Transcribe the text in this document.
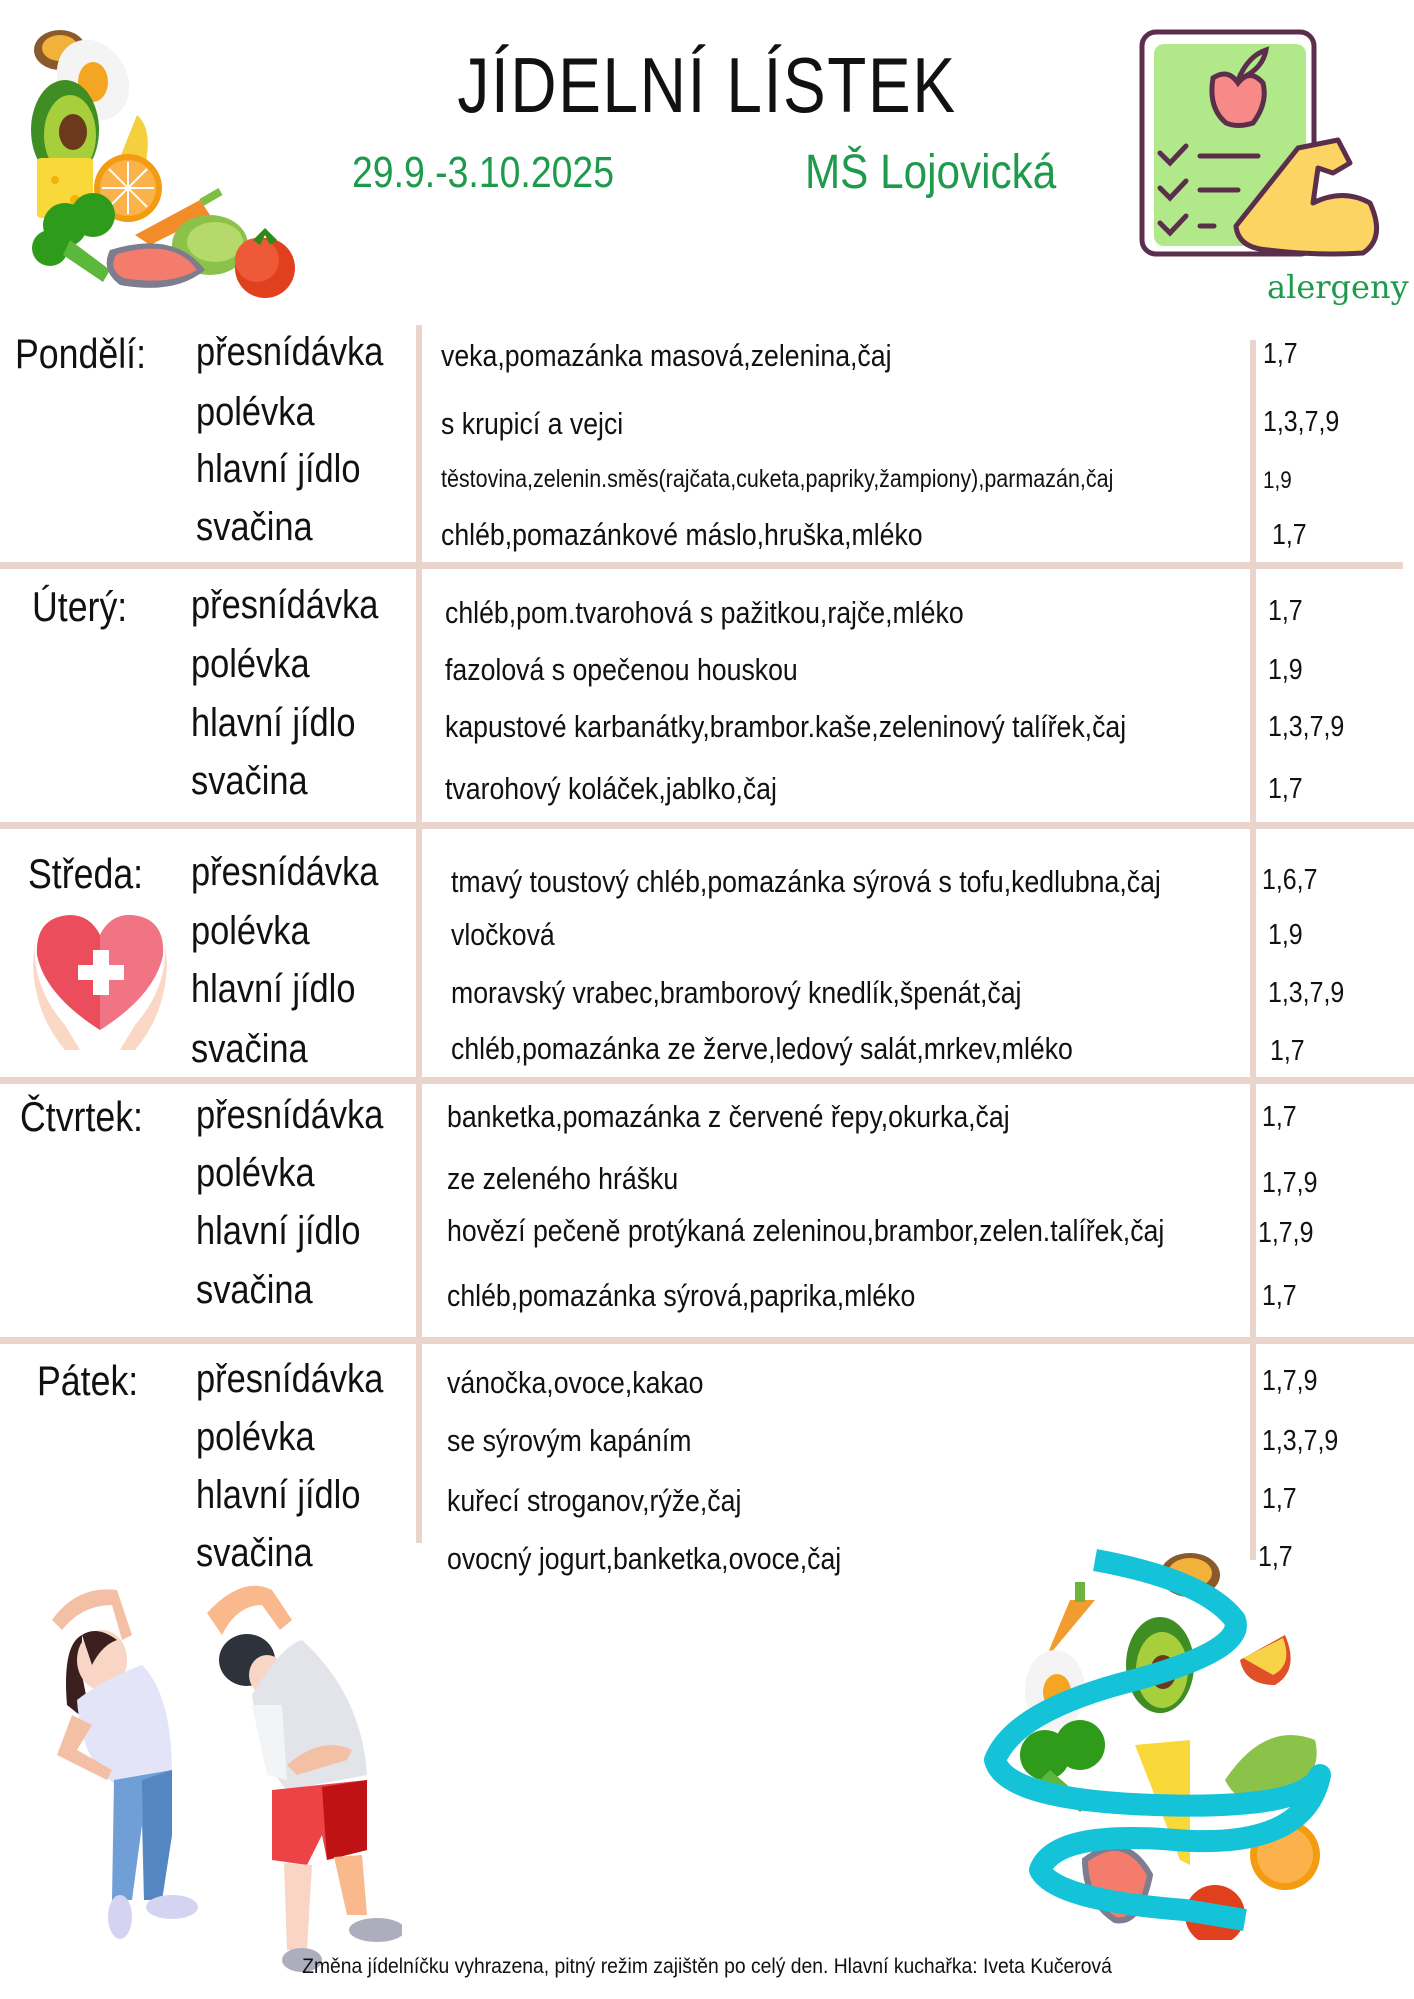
JÍDELNÍ LÍSTEK
29.9.-3.10.2025	MŠ Lojovická
alergeny
Pondělí: přesnídávka veka,pomazánka masová,zelenina,čaj	1,7
polévka	s krupicí a vejci	1,3,7,9
hlavní jídlo	těstovina,zelenin.směs(rajčata,cuketa,papriky,žampiony),parmazán,čaj	1,9
svačina	chléb,pomazánkové máslo,hruška,mléko	1,7
Úterý: přesnídávka chléb,pom.tvarohová s pažitkou,rajče,mléko	1,7
polévka	fazolová s opečenou houskou	1,9
hlavní jídlo	kapustové karbanátky,brambor.kaše,zeleninový talířek,čaj	1,3,7,9
svačina	tvarohový koláček,jablko,čaj	1,7
Středa: přesnídávka tmavý toustový chléb,pomazánka sýrová s tofu,kedlubna,čaj	1,6,7
polévka	vločková	1,9
hlavní jídlo	moravský vrabec,bramborový knedlík,špenát,čaj	1,3,7,9
svačina	chléb,pomazánka ze žerve,ledový salát,mrkev,mléko	1,7
Čtvrtek: přesnídávka banketka,pomazánka z červené řepy,okurka,čaj	1,7
polévka	ze zeleného hrášku	1,7,9
hlavní jídlo	hovězí pečeně protýkaná zeleninou,brambor,zelen.talířek,čaj	1,7,9
svačina	chléb,pomazánka sýrová,paprika,mléko	1,7
Pátek: přesnídávka vánočka,ovoce,kakao	1,7,9
polévka	se sýrovým kapáním	1,3,7,9
hlavní jídlo	kuřecí stroganov,rýže,čaj	1,7
svačina	ovocný jogurt,banketka,ovoce,čaj	1,7
Změna jídelníčku vyhrazena, pitný režim zajištěn po celý den. Hlavní kuchařka: Iveta Kučerová
